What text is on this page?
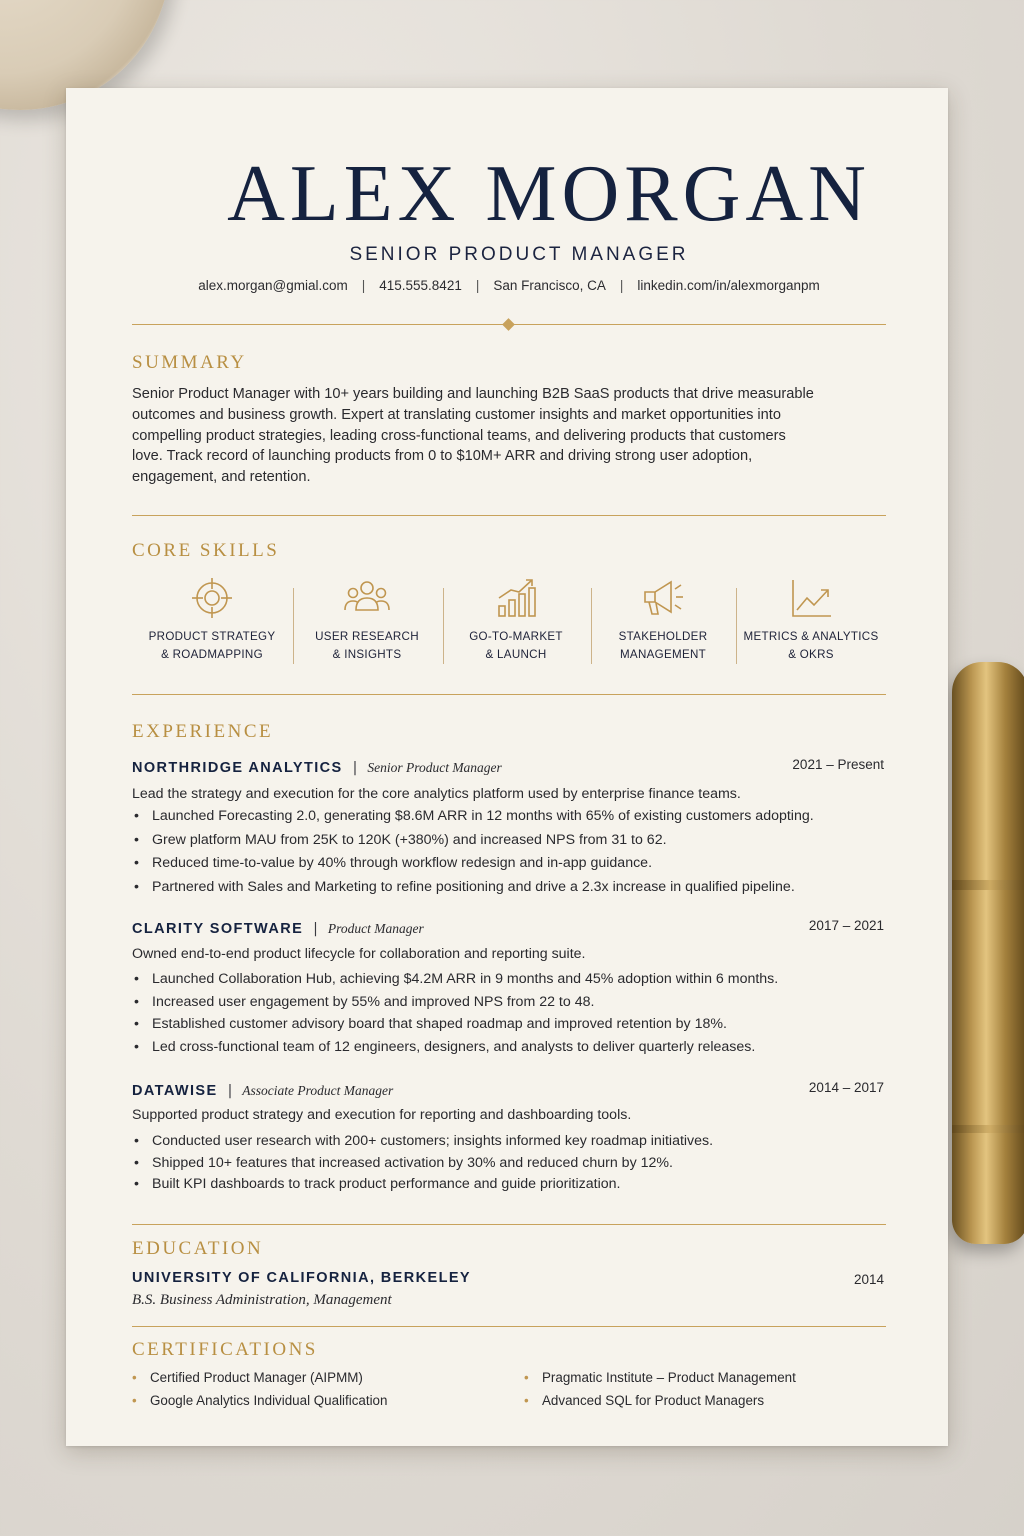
ALEX MORGAN
SENIOR PRODUCT MANAGER
alex.morgan@gmial.com | 415.555.8421 | San Francisco, CA | linkedin.com/in/alexmorganpm
SUMMARY
Senior Product Manager with 10+ years building and launching B2B SaaS products that drive measurable
outcomes and business growth. Expert at translating customer insights and market opportunities into
compelling product strategies, leading cross-functional teams, and delivering products that customers
love. Track record of launching products from 0 to $10M+ ARR and driving strong user adoption,
engagement, and retention.
CORE SKILLS
PRODUCT STRATEGY
& ROADMAPPING
USER RESEARCH
& INSIGHTS
GO-TO-MARKET
& LAUNCH
STAKEHOLDER
MANAGEMENT
METRICS & ANALYTICS
& OKRS
EXPERIENCE
NORTHRIDGE ANALYTICS | Senior Product Manager	2021 – Present
Lead the strategy and execution for the core analytics platform used by enterprise finance teams.
• Launched Forecasting 2.0, generating $8.6M ARR in 12 months with 65% of existing customers adopting.
• Grew platform MAU from 25K to 120K (+380%) and increased NPS from 31 to 62.
• Reduced time-to-value by 40% through workflow redesign and in-app guidance.
• Partnered with Sales and Marketing to refine positioning and drive a 2.3x increase in qualified pipeline.
CLARITY SOFTWARE | Product Manager	2017 – 2021
Owned end-to-end product lifecycle for collaboration and reporting suite.
• Launched Collaboration Hub, achieving $4.2M ARR in 9 months and 45% adoption within 6 months.
• Increased user engagement by 55% and improved NPS from 22 to 48.
• Established customer advisory board that shaped roadmap and improved retention by 18%.
• Led cross-functional team of 12 engineers, designers, and analysts to deliver quarterly releases.
DATAWISE | Associate Product Manager	2014 – 2017
Supported product strategy and execution for reporting and dashboarding tools.
• Conducted user research with 200+ customers; insights informed key roadmap initiatives.
• Shipped 10+ features that increased activation by 30% and reduced churn by 12%.
• Built KPI dashboards to track product performance and guide prioritization.
EDUCATION
UNIVERSITY OF CALIFORNIA, BERKELEY	2014
B.S. Business Administration, Management
CERTIFICATIONS
• Certified Product Manager (AIPMM)
• Google Analytics Individual Qualification
• Pragmatic Institute – Product Management
• Advanced SQL for Product Managers
